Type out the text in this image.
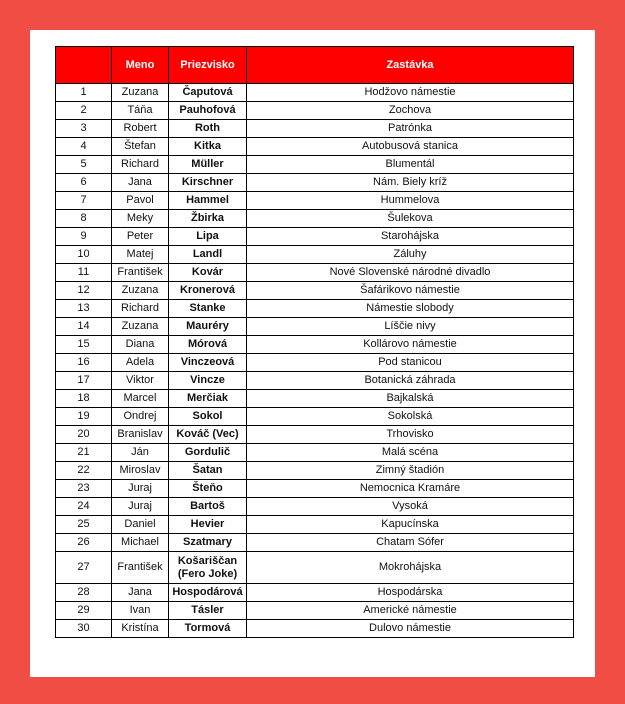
	Meno	Priezvisko	Zastávka
1	Zuzana	Čaputová	Hodžovo námestie
2	Táňa	Pauhofová	Zochova
3	Robert	Roth	Patrónka
4	Štefan	Kitka	Autobusová stanica
5	Richard	Müller	Blumentál
6	Jana	Kirschner	Nám. Biely kríž
7	Pavol	Hammel	Hummelova
8	Meky	Žbirka	Šulekova
9	Peter	Lipa	Starohájska
10	Matej	Landl	Záluhy
11	František	Kovár	Nové Slovenské národné divadlo
12	Zuzana	Kronerová	Šafárikovo námestie
13	Richard	Stanke	Námestie slobody
14	Zuzana	Mauréry	Líščie nivy
15	Diana	Mórová	Kollárovo námestie
16	Adela	Vinczeová	Pod stanicou
17	Viktor	Vincze	Botanická záhrada
18	Marcel	Merčiak	Bajkalská
19	Ondrej	Sokol	Sokolská
20	Branislav	Kováč (Vec)	Trhovisko
21	Ján	Gordulič	Malá scéna
22	Miroslav	Šatan	Zimný štadión
23	Juraj	Šteňo	Nemocnica Kramáre
24	Juraj	Bartoš	Vysoká
25	Daniel	Hevier	Kapucínska
26	Michael	Szatmary	Chatam Sófer
27	František	Košariščan (Fero Joke)	Mokrohájska
28	Jana	Hospodárová	Hospodárska
29	Ivan	Tásler	Americké námestie
30	Kristína	Tormová	Dulovo námestie
